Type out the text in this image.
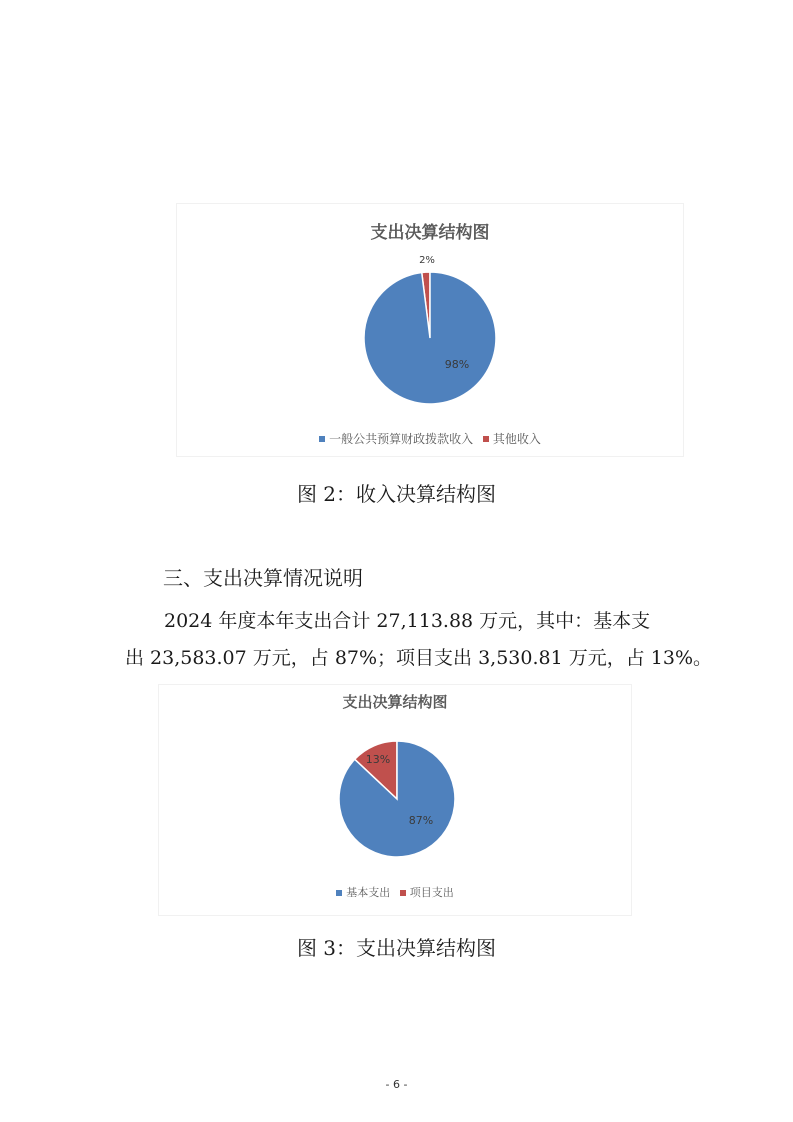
支出决算结构图
98%
2%
一般公共预算财政拨款收入 其他收入
图 2：收入决算结构图
三、支出决算情况说明
2024 年度本年支出合计 27,113.88 万元，其中：基本支
出 23,583.07 万元，占 87%；项目支出 3,530.81 万元，占 13%。
支出决算结构图
87%
13%
基本支出 项目支出
图 3：支出决算结构图
- 6 -
